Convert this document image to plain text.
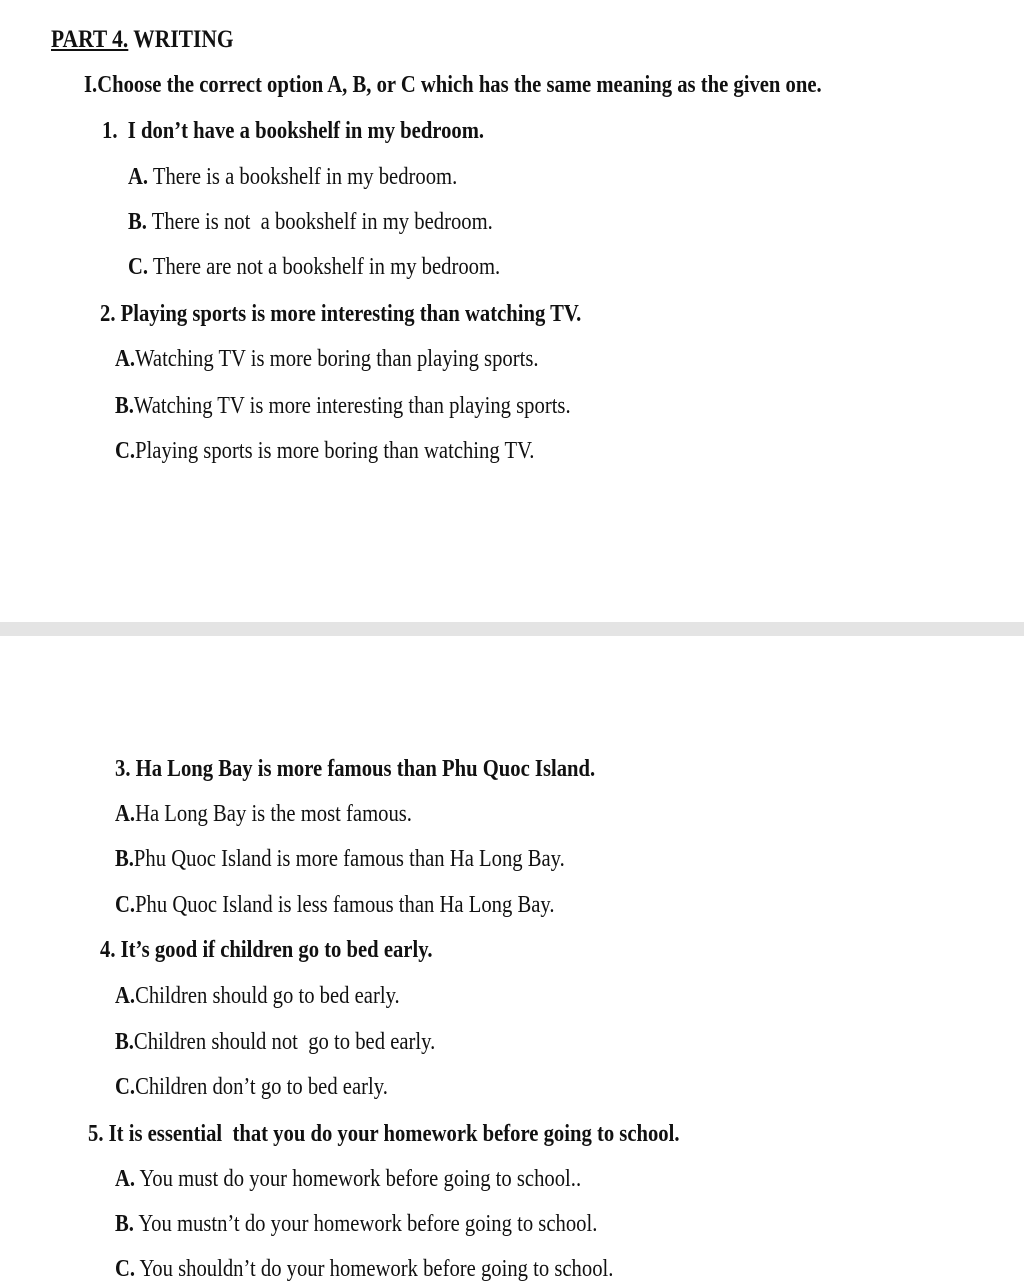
PART 4. WRITING
I.Choose the correct option A, B, or C which has the same meaning as the given one.
1. I don’t have a bookshelf in my bedroom.
A. There is a bookshelf in my bedroom.
B. There is not  a bookshelf in my bedroom.
C. There are not a bookshelf in my bedroom.
2. Playing sports is more interesting than watching TV.
A.Watching TV is more boring than playing sports.
B.Watching TV is more interesting than playing sports.
C.Playing sports is more boring than watching TV.
3. Ha Long Bay is more famous than Phu Quoc Island.
A.Ha Long Bay is the most famous.
B.Phu Quoc Island is more famous than Ha Long Bay.
C.Phu Quoc Island is less famous than Ha Long Bay.
4. It’s good if children go to bed early.
A.Children should go to bed early.
B.Children should not  go to bed early.
C.Children don’t go to bed early.
5. It is essential  that you do your homework before going to school.
A. You must do your homework before going to school..
B. You mustn’t do your homework before going to school.
C. You shouldn’t do your homework before going to school.
